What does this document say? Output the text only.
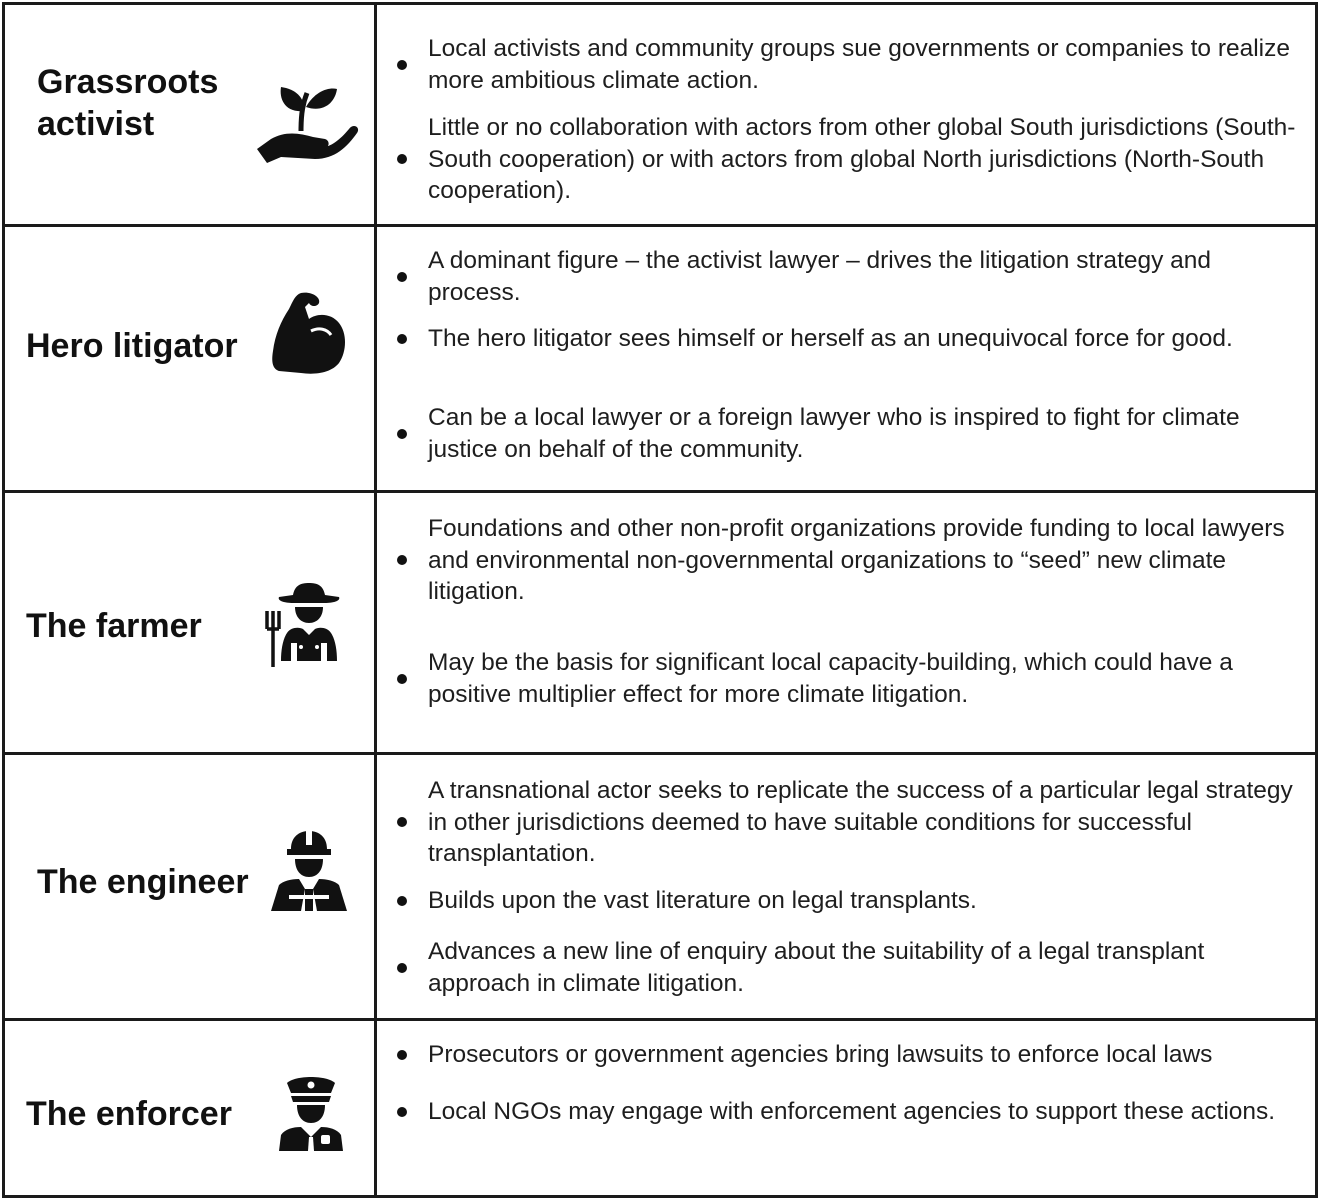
Grassroots
activist
Local activists and community groups sue governments or companies to realize more ambitious climate action.
Little or no collaboration with actors from other global South jurisdictions (South-South cooperation) or with actors from global North jurisdictions (North-South cooperation).
Hero litigator
A dominant figure – the activist lawyer – drives the litigation strategy and process.
The hero litigator sees himself or herself as an unequivocal force for good.
Can be a local lawyer or a foreign lawyer who is inspired to fight for climate justice on behalf of the community.
The farmer
Foundations and other non-profit organizations provide funding to local lawyers and environmental non-governmental organizations to “seed” new climate litigation.
May be the basis for significant local capacity-building, which could have a positive multiplier effect for more climate litigation.
The engineer
A transnational actor seeks to replicate the success of a particular legal strategy in other jurisdictions deemed to have suitable conditions for successful transplantation.
Builds upon the vast literature on legal transplants.
Advances a new line of enquiry about the suitability of a legal transplant approach in climate litigation.
The enforcer
Prosecutors or government agencies bring lawsuits to enforce local laws
Local NGOs may engage with enforcement agencies to support these actions.
